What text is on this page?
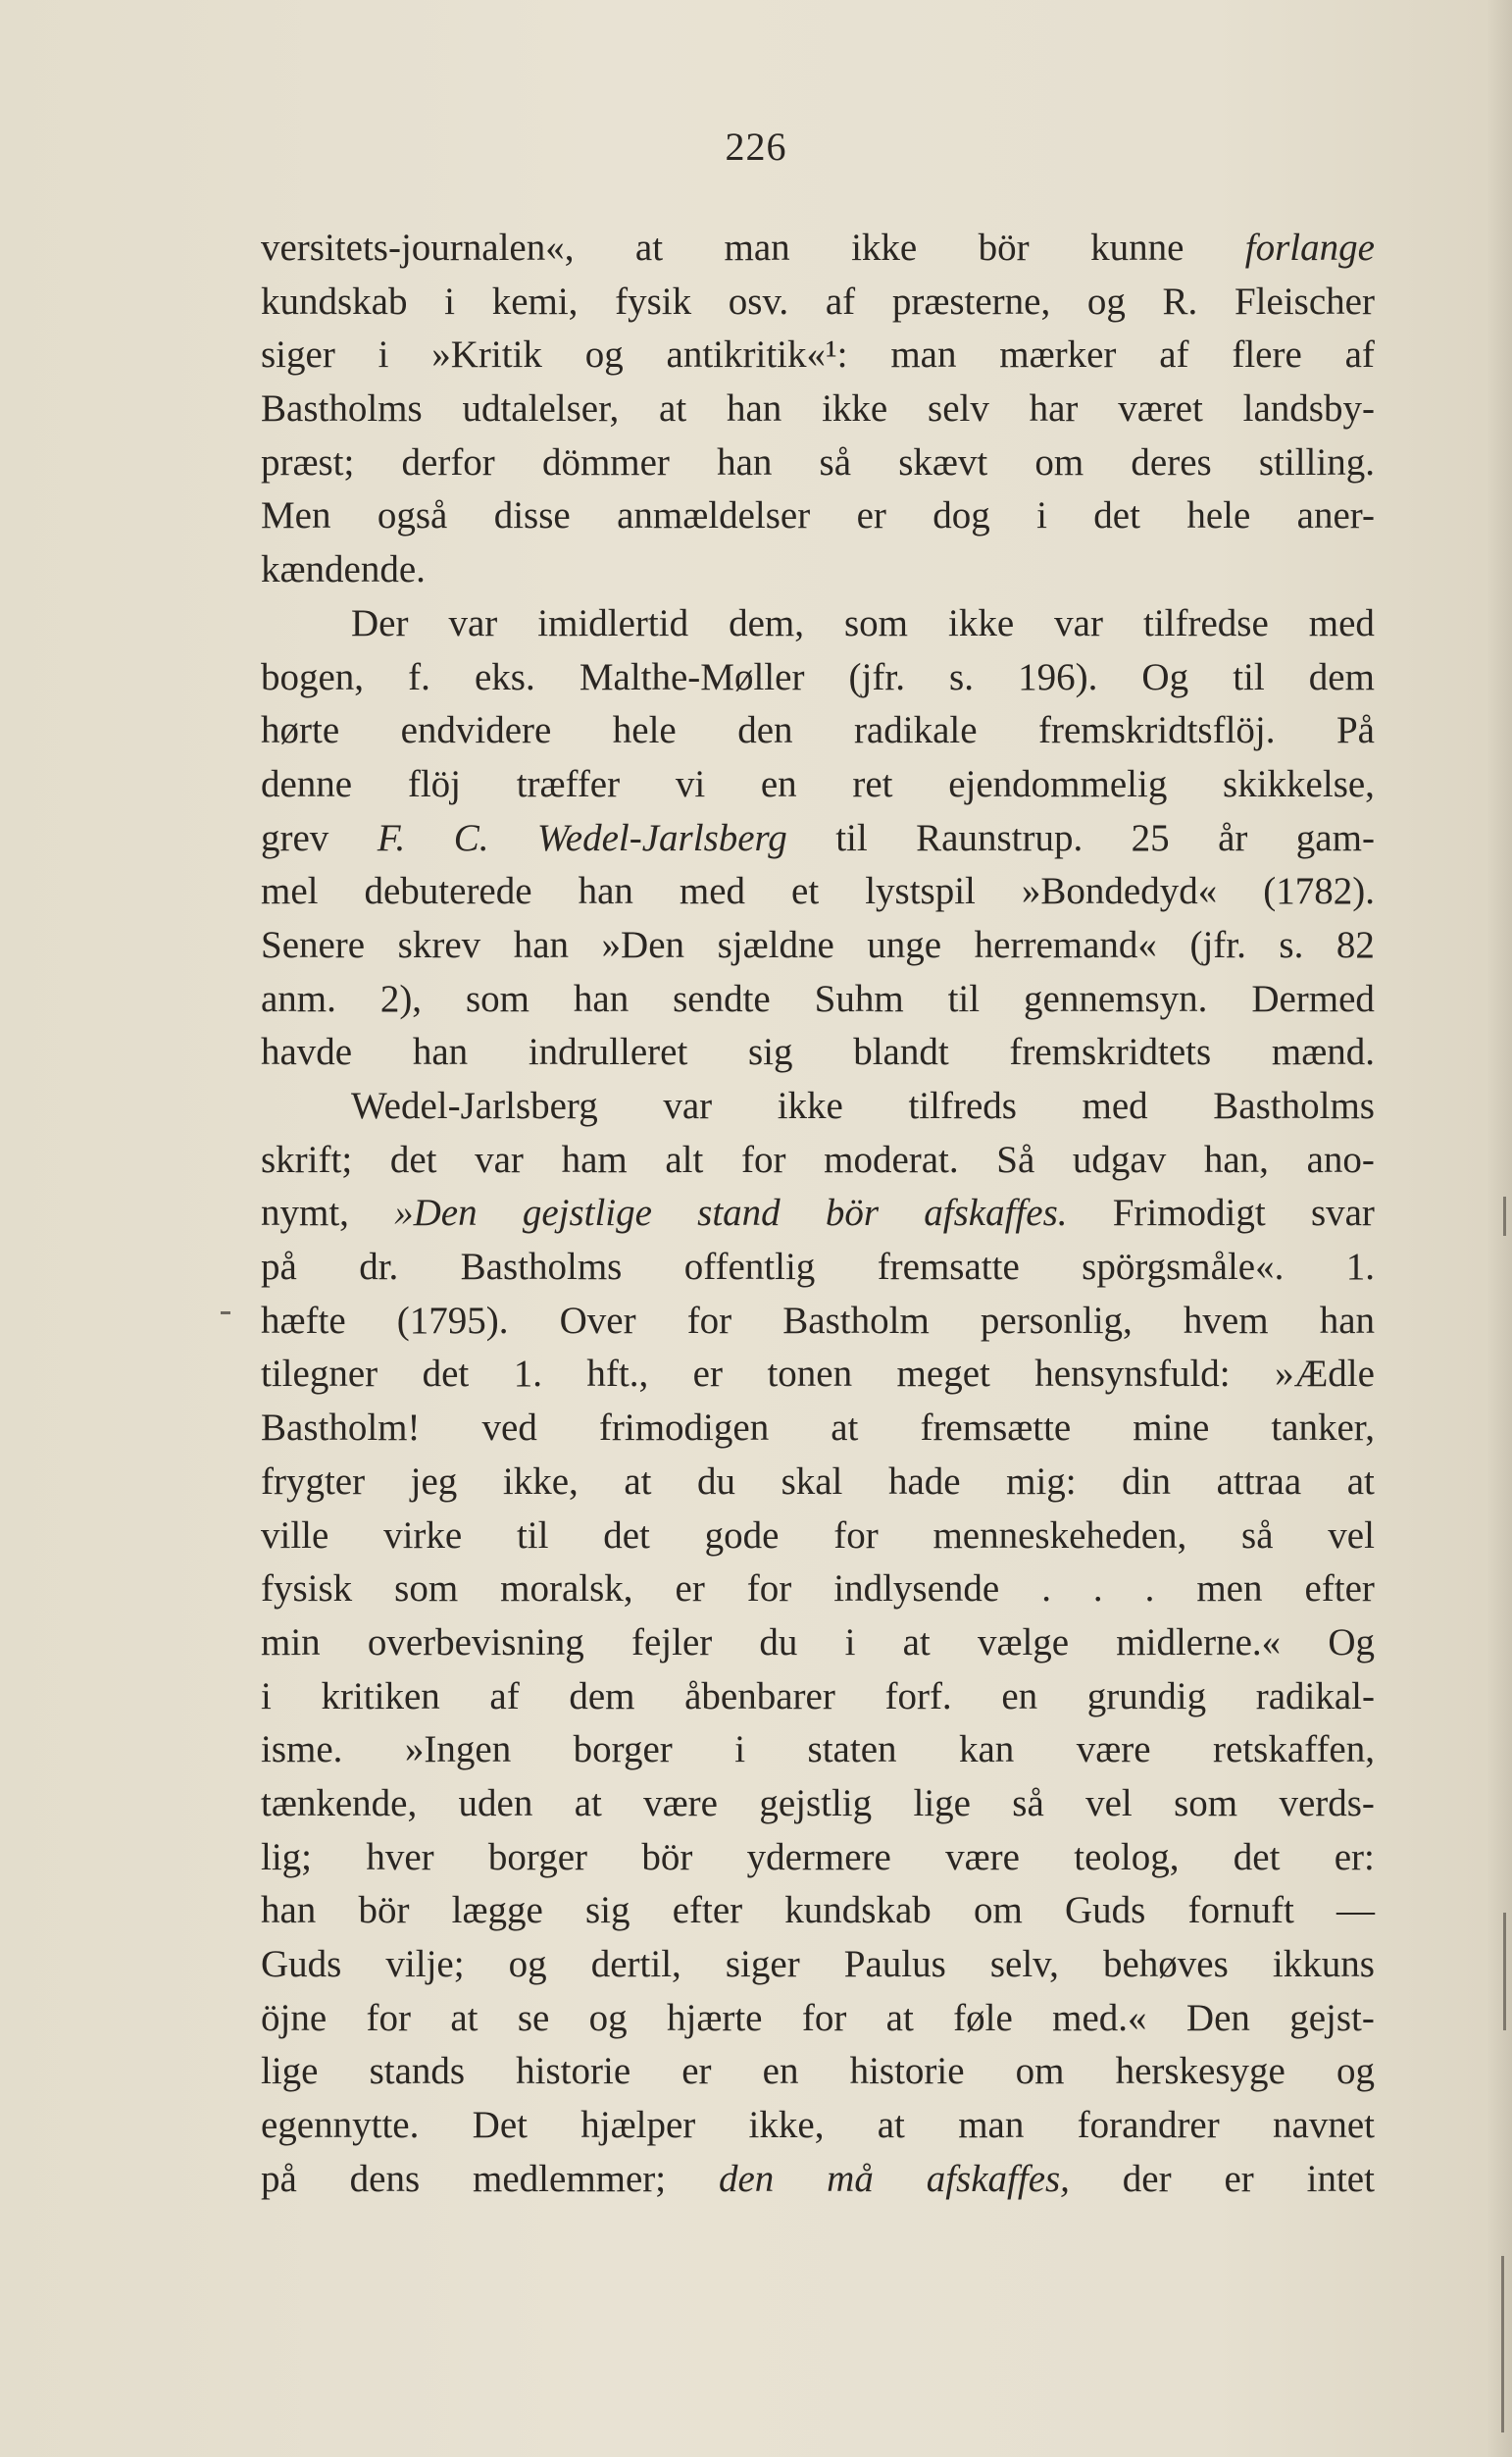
226
versitets-journalen«, at man ikke bör kunne forlange
kundskab i kemi, fysik osv. af præsterne, og R. Fleischer
siger i »Kritik og antikritik«¹: man mærker af flere af
Bastholms udtalelser, at han ikke selv har været landsby-
præst; derfor dömmer han så skævt om deres stilling.
Men også disse anmældelser er dog i det hele aner-
kændende.
Der var imidlertid dem, som ikke var tilfredse med
bogen, f. eks. Malthe-Møller (jfr. s. 196). Og til dem
hørte endvidere hele den radikale fremskridtsflöj. På
denne flöj træffer vi en ret ejendommelig skikkelse,
grev F. C. Wedel-Jarlsberg til Raunstrup. 25 år gam-
mel debuterede han med et lystspil »Bondedyd« (1782).
Senere skrev han »Den sjældne unge herremand« (jfr. s. 82
anm. 2), som han sendte Suhm til gennemsyn. Dermed
havde han indrulleret sig blandt fremskridtets mænd.
Wedel-Jarlsberg var ikke tilfreds med Bastholms
skrift; det var ham alt for moderat. Så udgav han, ano-
nymt, »Den gejstlige stand bör afskaffes. Frimodigt svar
på dr. Bastholms offentlig fremsatte spörgsmåle«. 1.
hæfte (1795). Over for Bastholm personlig, hvem han
tilegner det 1. hft., er tonen meget hensynsfuld: »Ædle
Bastholm! ved frimodigen at fremsætte mine tanker,
frygter jeg ikke, at du skal hade mig: din attraa at
ville virke til det gode for menneskeheden, så vel
fysisk som moralsk, er for indlysende . . . men efter
min overbevisning fejler du i at vælge midlerne.« Og
i kritiken af dem åbenbarer forf. en grundig radikal-
isme. »Ingen borger i staten kan være retskaffen,
tænkende, uden at være gejstlig lige så vel som verds-
lig; hver borger bör ydermere være teolog, det er:
han bör lægge sig efter kundskab om Guds fornuft —
Guds vilje; og dertil, siger Paulus selv, behøves ikkuns
öjne for at se og hjærte for at føle med.« Den gejst-
lige stands historie er en historie om herskesyge og
egennytte. Det hjælper ikke, at man forandrer navnet
på dens medlemmer; den må afskaffes, der er intet
